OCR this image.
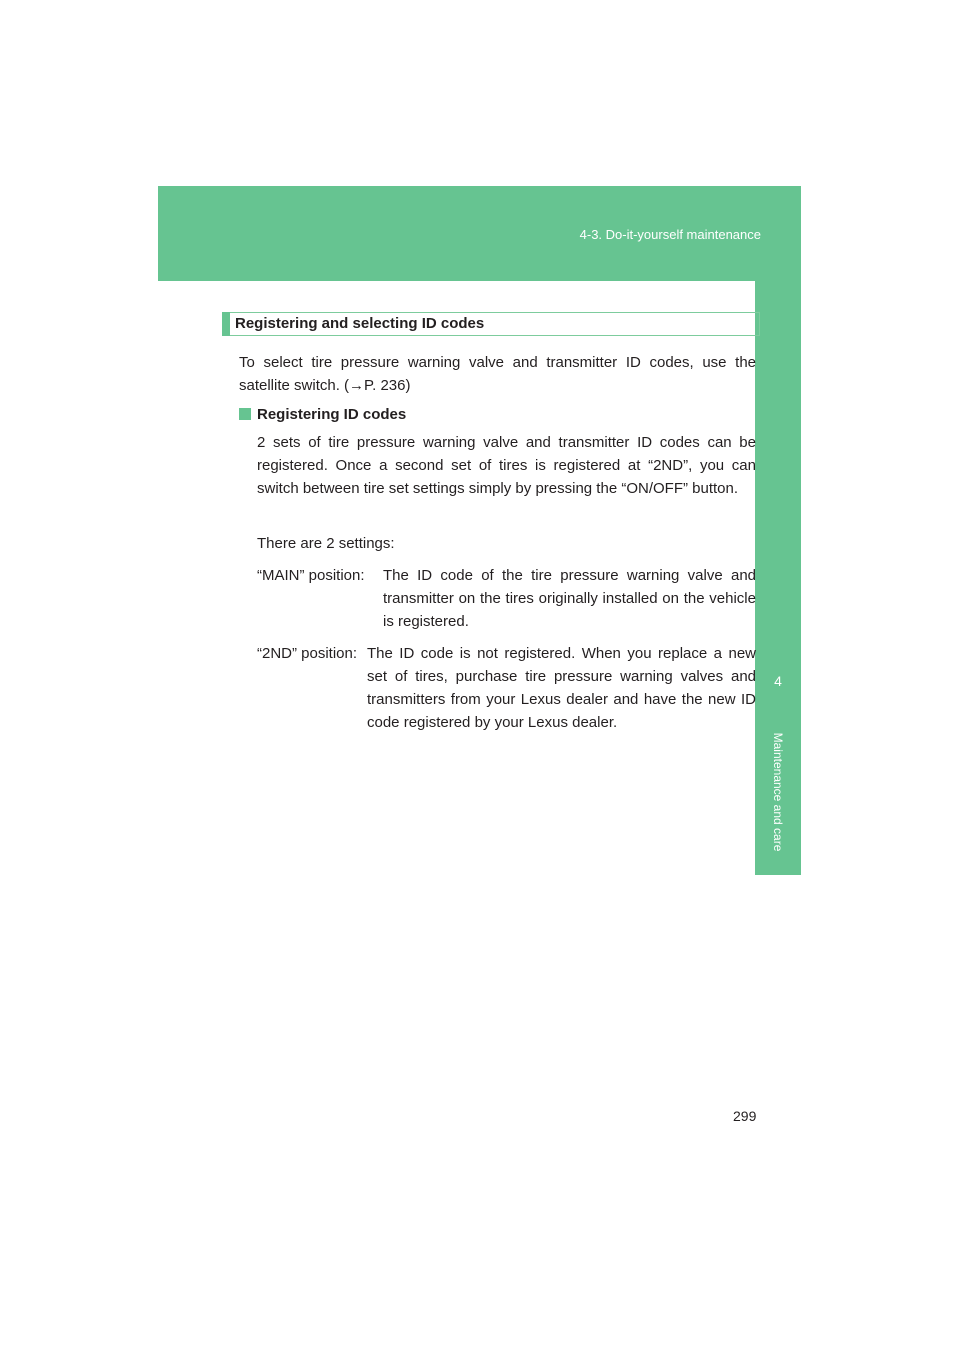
4-3. Do-it-yourself maintenance
4
Maintenance and care
Registering and selecting ID codes

To select tire pressure warning valve and transmitter ID codes, use the satellite switch. (→P. 236)

Registering ID codes

2 sets of tire pressure warning valve and transmitter ID codes can be registered. Once a second set of tires is registered at “2ND”, you can switch between tire set settings simply by pressing the “ON/OFF” button.

There are 2 settings:

“MAIN” position: The ID code of the tire pressure warning valve and transmitter on the tires originally installed on the vehicle is registered.

“2ND” position: The ID code is not registered. When you replace a new set of tires, purchase tire pressure warning valves and transmitters from your Lexus dealer and have the new ID code registered by your Lexus dealer.

299
